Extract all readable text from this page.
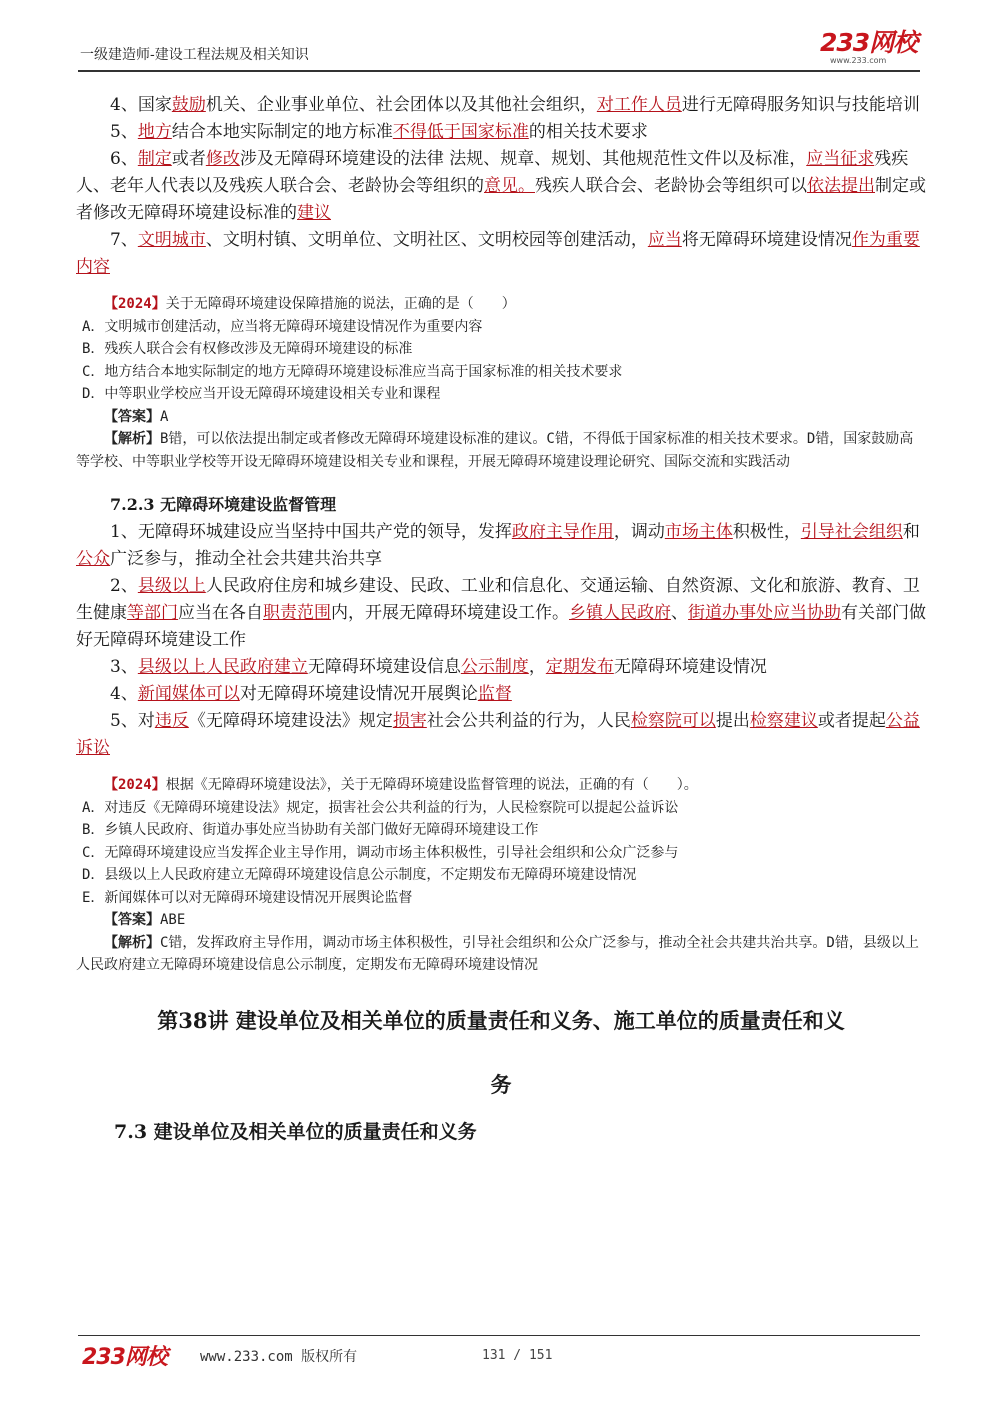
一级建造师-建设工程法规及相关知识	233网校
www.233.com

4、国家鼓励机关、企业事业单位、社会团体以及其他社会组织，对工作人员进行无障碍服务知识与技能培训

5、地方结合本地实际制定的地方标准不得低于国家标准的相关技术要求

6、制定或者修改涉及无障碍环境建设的法律 法规、规章、规划、其他规范性文件以及标准，应当征求残疾人、老年人代表以及残疾人联合会、老龄协会等组织的意见。残疾人联合会、老龄协会等组织可以依法提出制定或者修改无障碍环境建设标准的建议

7、文明城市、文明村镇、文明单位、文明社区、文明校园等创建活动，应当将无障碍环境建设情况作为重要内容

【2024】关于无障碍环境建设保障措施的说法，正确的是（　　）

A．文明城市创建活动，应当将无障碍环境建设情况作为重要内容

B．残疾人联合会有权修改涉及无障碍环境建设的标准

C．地方结合本地实际制定的地方无障碍环境建设标准应当高于国家标准的相关技术要求

D．中等职业学校应当开设无障碍环境建设相关专业和课程

【答案】A

【解析】B错，可以依法提出制定或者修改无障碍环境建设标准的建议。C错，不得低于国家标准的相关技术要求。D错，国家鼓励高等学校、中等职业学校等开设无障碍环境建设相关专业和课程，开展无障碍环境建设理论研究、国际交流和实践活动

7.2.3 无障碍环境建设监督管理

1、无障碍环城建设应当坚持中国共产党的领导，发挥政府主导作用，调动市场主体积极性，引导社会组织和公众广泛参与，推动全社会共建共治共享

2、县级以上人民政府住房和城乡建设、民政、工业和信息化、交通运输、自然资源、文化和旅游、教育、卫生健康等部门应当在各自职责范围内，开展无障碍环境建设工作。乡镇人民政府、街道办事处应当协助有关部门做好无障碍环境建设工作

3、县级以上人民政府建立无障碍环境建设信息公示制度，定期发布无障碍环境建设情况

4、新闻媒体可以对无障碍环境建设情况开展舆论监督

5、对违反《无障碍环境建设法》规定损害社会公共利益的行为，人民检察院可以提出检察建议或者提起公益诉讼

【2024】根据《无障碍环境建设法》，关于无障碍环境建设监督管理的说法，正确的有（　　）。

A．对违反《无障碍环境建设法》规定，损害社会公共利益的行为，人民检察院可以提起公益诉讼

B．乡镇人民政府、街道办事处应当协助有关部门做好无障碍环境建设工作

C．无障碍环境建设应当发挥企业主导作用，调动市场主体积极性，引导社会组织和公众广泛参与

D．县级以上人民政府建立无障碍环境建设信息公示制度，不定期发布无障碍环境建设情况

E．新闻媒体可以对无障碍环境建设情况开展舆论监督

【答案】ABE

【解析】C错，发挥政府主导作用，调动市场主体积极性，引导社会组织和公众广泛参与，推动全社会共建共治共享。D错，县级以上人民政府建立无障碍环境建设信息公示制度，定期发布无障碍环境建设情况

第38讲 建设单位及相关单位的质量责任和义务、施工单位的质量责任和义
务

7.3 建设单位及相关单位的质量责任和义务

233网校 www.233.com 版权所有	131 / 151
